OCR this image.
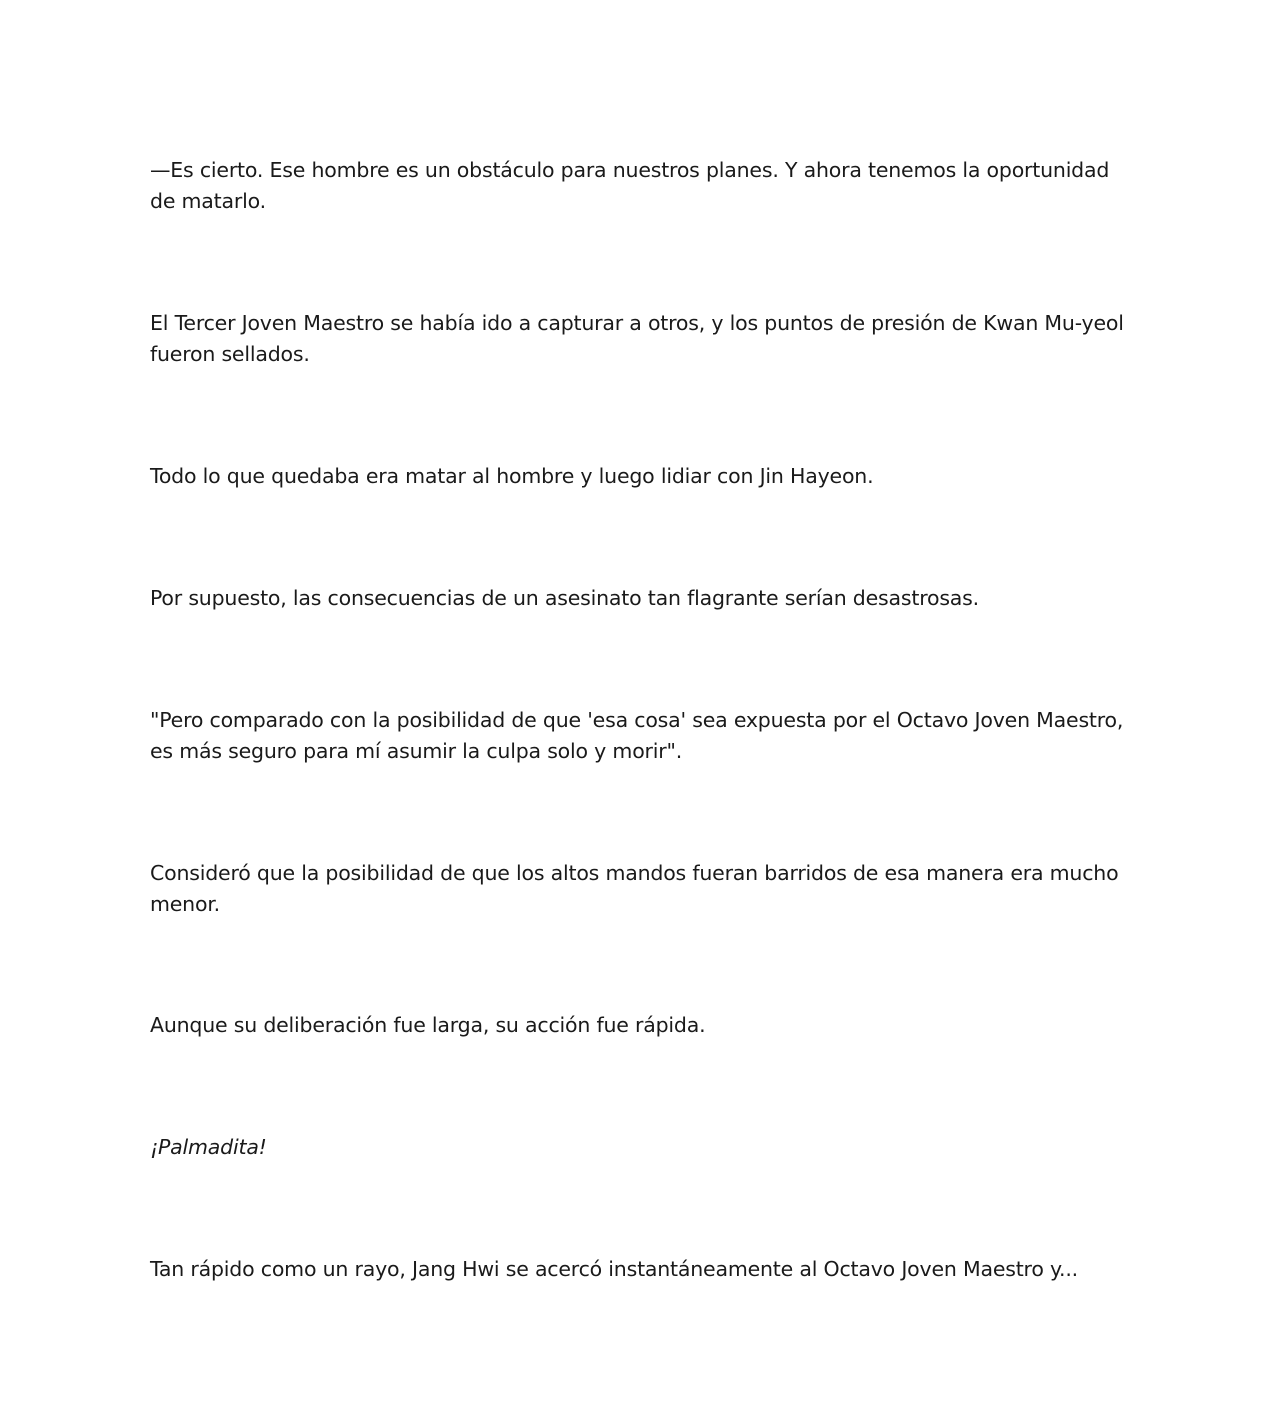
—Es cierto. Ese hombre es un obstáculo para nuestros planes. Y ahora tenemos la oportunidad de matarlo.

El Tercer Joven Maestro se había ido a capturar a otros, y los puntos de presión de Kwan Mu-yeol fueron sellados.

Todo lo que quedaba era matar al hombre y luego lidiar con Jin Hayeon.

Por supuesto, las consecuencias de un asesinato tan flagrante serían desastrosas.

"Pero comparado con la posibilidad de que 'esa cosa' sea expuesta por el Octavo Joven Maestro, es más seguro para mí asumir la culpa solo y morir".

Consideró que la posibilidad de que los altos mandos fueran barridos de esa manera era mucho menor.

Aunque su deliberación fue larga, su acción fue rápida.

¡Palmadita!

Tan rápido como un rayo, Jang Hwi se acercó instantáneamente al Octavo Joven Maestro y...
